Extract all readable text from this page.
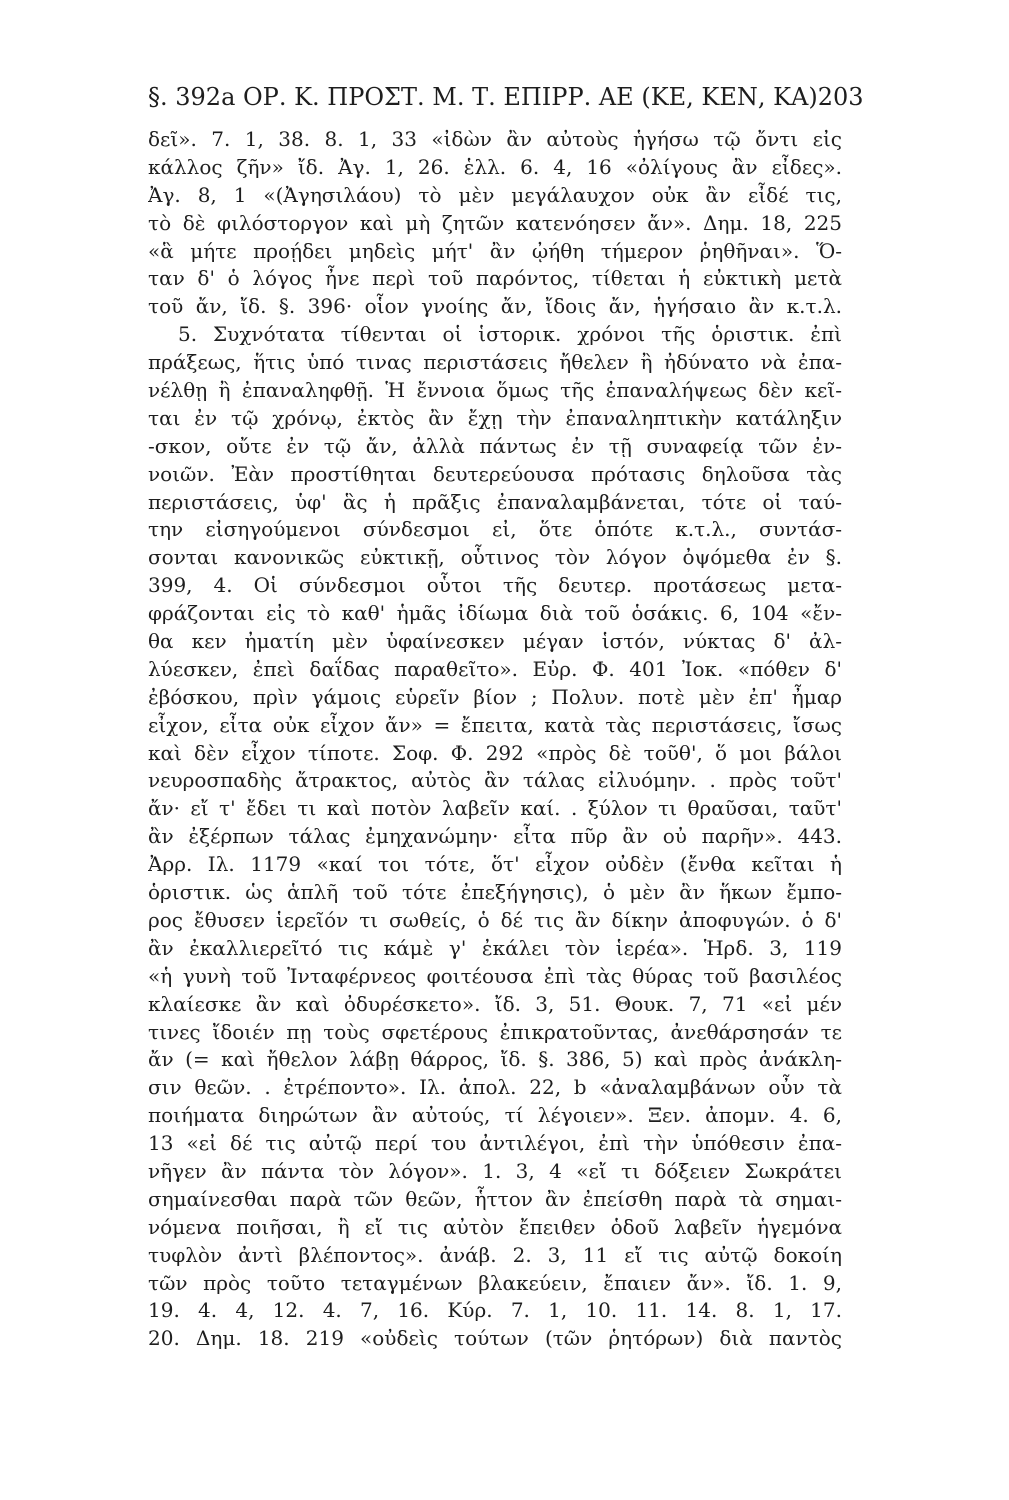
§. 392a ΟΡ. Κ. ΠΡΟΣΤ. Μ. Τ. ΕΠΙΡΡ. ΑΕ (ΚΕ, ΚΕΝ, ΚΑ) 203
δεῖ». 7. 1, 38. 8. 1, 33 «ἰδὼν ἂν αὐτοὺς ἡγήσω τῷ ὄντι εἰς
κάλλος ζῆν» ἴδ. Ἀγ. 1, 26. ἑλλ. 6. 4, 16 «ὀλίγους ἂν εἶδες».
Ἀγ. 8, 1 «(Ἀγησιλάου) τὸ μὲν μεγάλαυχον οὐκ ἂν εἶδέ τις,
τὸ δὲ φιλόστοργον καὶ μὴ ζητῶν κατενόησεν ἄν». Δημ. 18, 225
«ἃ μήτε προῄδει μηδεὶς μήτ' ἂν ᾠήθη τήμερον ῥηθῆναι». Ὅ-
ταν δ' ὁ λόγος ἦνε περὶ τοῦ παρόντος, τίθεται ἡ εὐκτικὴ μετὰ
τοῦ ἄν, ἴδ. §. 396· οἷον γνοίης ἄν, ἴδοις ἄν, ἡγήσαιο ἂν κ.τ.λ.
5. Συχνότατα τίθενται οἱ ἱστορικ. χρόνοι τῆς ὁριστικ. ἐπὶ
πράξεως, ἥτις ὑπό τινας περιστάσεις ἤθελεν ἢ ἠδύνατο νὰ ἐπα-
νέλθῃ ἢ ἐπαναληφθῇ. Ἡ ἔννοια ὅμως τῆς ἐπαναλήψεως δὲν κεῖ-
ται ἐν τῷ χρόνῳ, ἐκτὸς ἂν ἔχῃ τὴν ἐπαναληπτικὴν κατάληξιν
-σκον, οὔτε ἐν τῷ ἄν, ἀλλὰ πάντως ἐν τῇ συναφείᾳ τῶν ἐν-
νοιῶν. Ἐὰν προστίθηται δευτερεύουσα πρότασις δηλοῦσα τὰς
περιστάσεις, ὑφ' ἃς ἡ πρᾶξις ἐπαναλαμβάνεται, τότε οἱ ταύ-
την εἰσηγούμενοι σύνδεσμοι εἰ, ὅτε ὁπότε κ.τ.λ., συντάσ-
σονται κανονικῶς εὐκτικῇ, οὗτινος τὸν λόγον ὀψόμεθα ἐν §.
399, 4. Οἱ σύνδεσμοι οὗτοι τῆς δευτερ. προτάσεως μετα-
φράζονται εἰς τὸ καθ' ἡμᾶς ἰδίωμα διὰ τοῦ ὁσάκις. 6, 104 «ἔν-
θα κεν ἠματίη μὲν ὑφαίνεσκεν μέγαν ἱστόν, νύκτας δ' ἀλ-
λύεσκεν, ἐπεὶ δαΐδας παραθεῖτο». Εὐρ. Φ. 401 Ἰοκ. «πόθεν δ'
ἐβόσκου, πρὶν γάμοις εὑρεῖν βίον ; Πολυν. ποτὲ μὲν ἐπ' ἦμαρ
εἶχον, εἶτα οὐκ εἶχον ἄν» = ἔπειτα, κατὰ τὰς περιστάσεις, ἴσως
καὶ δὲν εἶχον τίποτε. Σοφ. Φ. 292 «πρὸς δὲ τοῦθ', ὅ μοι βάλοι
νευροσπαδὴς ἄτρακτος, αὐτὸς ἂν τάλας εἰλυόμην. . πρὸς τοῦτ'
ἄν· εἴ τ' ἔδει τι καὶ ποτὸν λαβεῖν καί. . ξύλον τι θραῦσαι, ταῦτ'
ἂν ἐξέρπων τάλας ἐμηχανώμην· εἶτα πῦρ ἂν οὐ παρῆν». 443.
Ἀρρ. Ιλ. 1179 «καί τοι τότε, ὅτ' εἶχον οὐδὲν (ἔνθα κεῖται ἡ
ὁριστικ. ὡς ἁπλῆ τοῦ τότε ἐπεξήγησις), ὁ μὲν ἂν ἥκων ἔμπο-
ρος ἔθυσεν ἱερεῖόν τι σωθείς, ὁ δέ τις ἂν δίκην ἀποφυγών. ὁ δ'
ἂν ἐκαλλιερεῖτό τις κάμὲ γ' ἐκάλει τὸν ἱερέα». Ἡρδ. 3, 119
«ἡ γυνὴ τοῦ Ἰνταφέρνεος φοιτέουσα ἐπὶ τὰς θύρας τοῦ βασιλέος
κλαίεσκε ἂν καὶ ὀδυρέσκετο». ἴδ. 3, 51. Θουκ. 7, 71 «εἰ μέν
τινες ἴδοιέν πῃ τοὺς σφετέρους ἐπικρατοῦντας, ἀνεθάρσησάν τε
ἄν (= καὶ ἤθελον λάβῃ θάρρος, ἴδ. §. 386, 5) καὶ πρὸς ἀνάκλη-
σιν θεῶν. . ἐτρέποντο». Ιλ. ἀπολ. 22, b «ἀναλαμβάνων οὖν τὰ
ποιήματα διηρώτων ἂν αὐτούς, τί λέγοιεν». Ξεν. ἀπομν. 4. 6,
13 «εἰ δέ τις αὐτῷ περί του ἀντιλέγοι, ἐπὶ τὴν ὑπόθεσιν ἐπα-
νῆγεν ἂν πάντα τὸν λόγον». 1. 3, 4 «εἴ τι δόξειεν Σωκράτει
σημαίνεσθαι παρὰ τῶν θεῶν, ἧττον ἂν ἐπείσθη παρὰ τὰ σημαι-
νόμενα ποιῆσαι, ἢ εἴ τις αὐτὸν ἔπειθεν ὁδοῦ λαβεῖν ἡγεμόνα
τυφλὸν ἀντὶ βλέποντος». ἀνάβ. 2. 3, 11 εἴ τις αὐτῷ δοκοίη
τῶν πρὸς τοῦτο τεταγμένων βλακεύειν, ἔπαιεν ἄν». ἴδ. 1. 9,
19. 4. 4, 12. 4. 7, 16. Κύρ. 7. 1, 10. 11. 14. 8. 1, 17.
20. Δημ. 18. 219 «οὐδεὶς τούτων (τῶν ῥητόρων) διὰ παντὸς
